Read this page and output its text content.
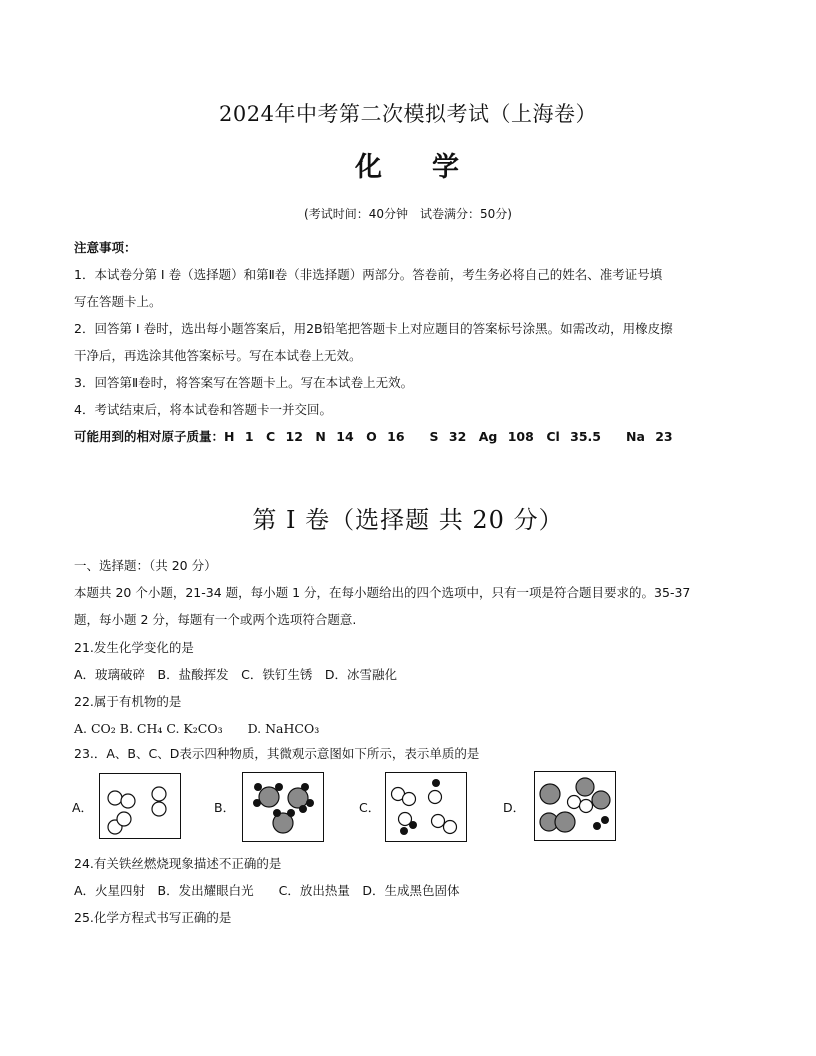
2024年中考第二次模拟考试（上海卷）
化 学
(考试时间：40分钟　试卷满分：50分)
注意事项：
1．本试卷分第 I 卷（选择题）和第Ⅱ卷（非选择题）两部分。答卷前，考生务必将自己的姓名、准考证号填
写在答题卡上。
2．回答第 I 卷时，选出每小题答案后，用2B铅笔把答题卡上对应题目的答案标号涂黑。如需改动，用橡皮擦
干净后，再选涂其他答案标号。写在本试卷上无效。
3．回答第Ⅱ卷时，将答案写在答题卡上。写在本试卷上无效。
4．考试结束后，将本试卷和答题卡一并交回。
可能用到的相对原子质量：H 1　C 12　N 14　O 16　　S 32　Ag 108　Cl 35.5　　Na 23
第 I 卷（选择题 共 20 分）
一、选择题：（共 20 分）
本题共 20 个小题，21-34 题，每小题 1 分，在每小题给出的四个选项中，只有一项是符合题目要求的。35-37
题，每小题 2 分，每题有一个或两个选项符合题意.
21.发生化学变化的是
A．玻璃破碎　B．盐酸挥发　C．铁钉生锈　D．冰雪融化
22.属于有机物的是
A. CO₂ B. CH₄ C. K₂CO₃　　D. NaHCO₃
23.．A、B、C、D表示四种物质，其微观示意图如下所示，表示单质的是
24.有关铁丝燃烧现象描述不正确的是
A．火星四射　B．发出耀眼白光　　C．放出热量　D．生成黑色固体
25.化学方程式书写正确的是
A．	B．	C．	D．
